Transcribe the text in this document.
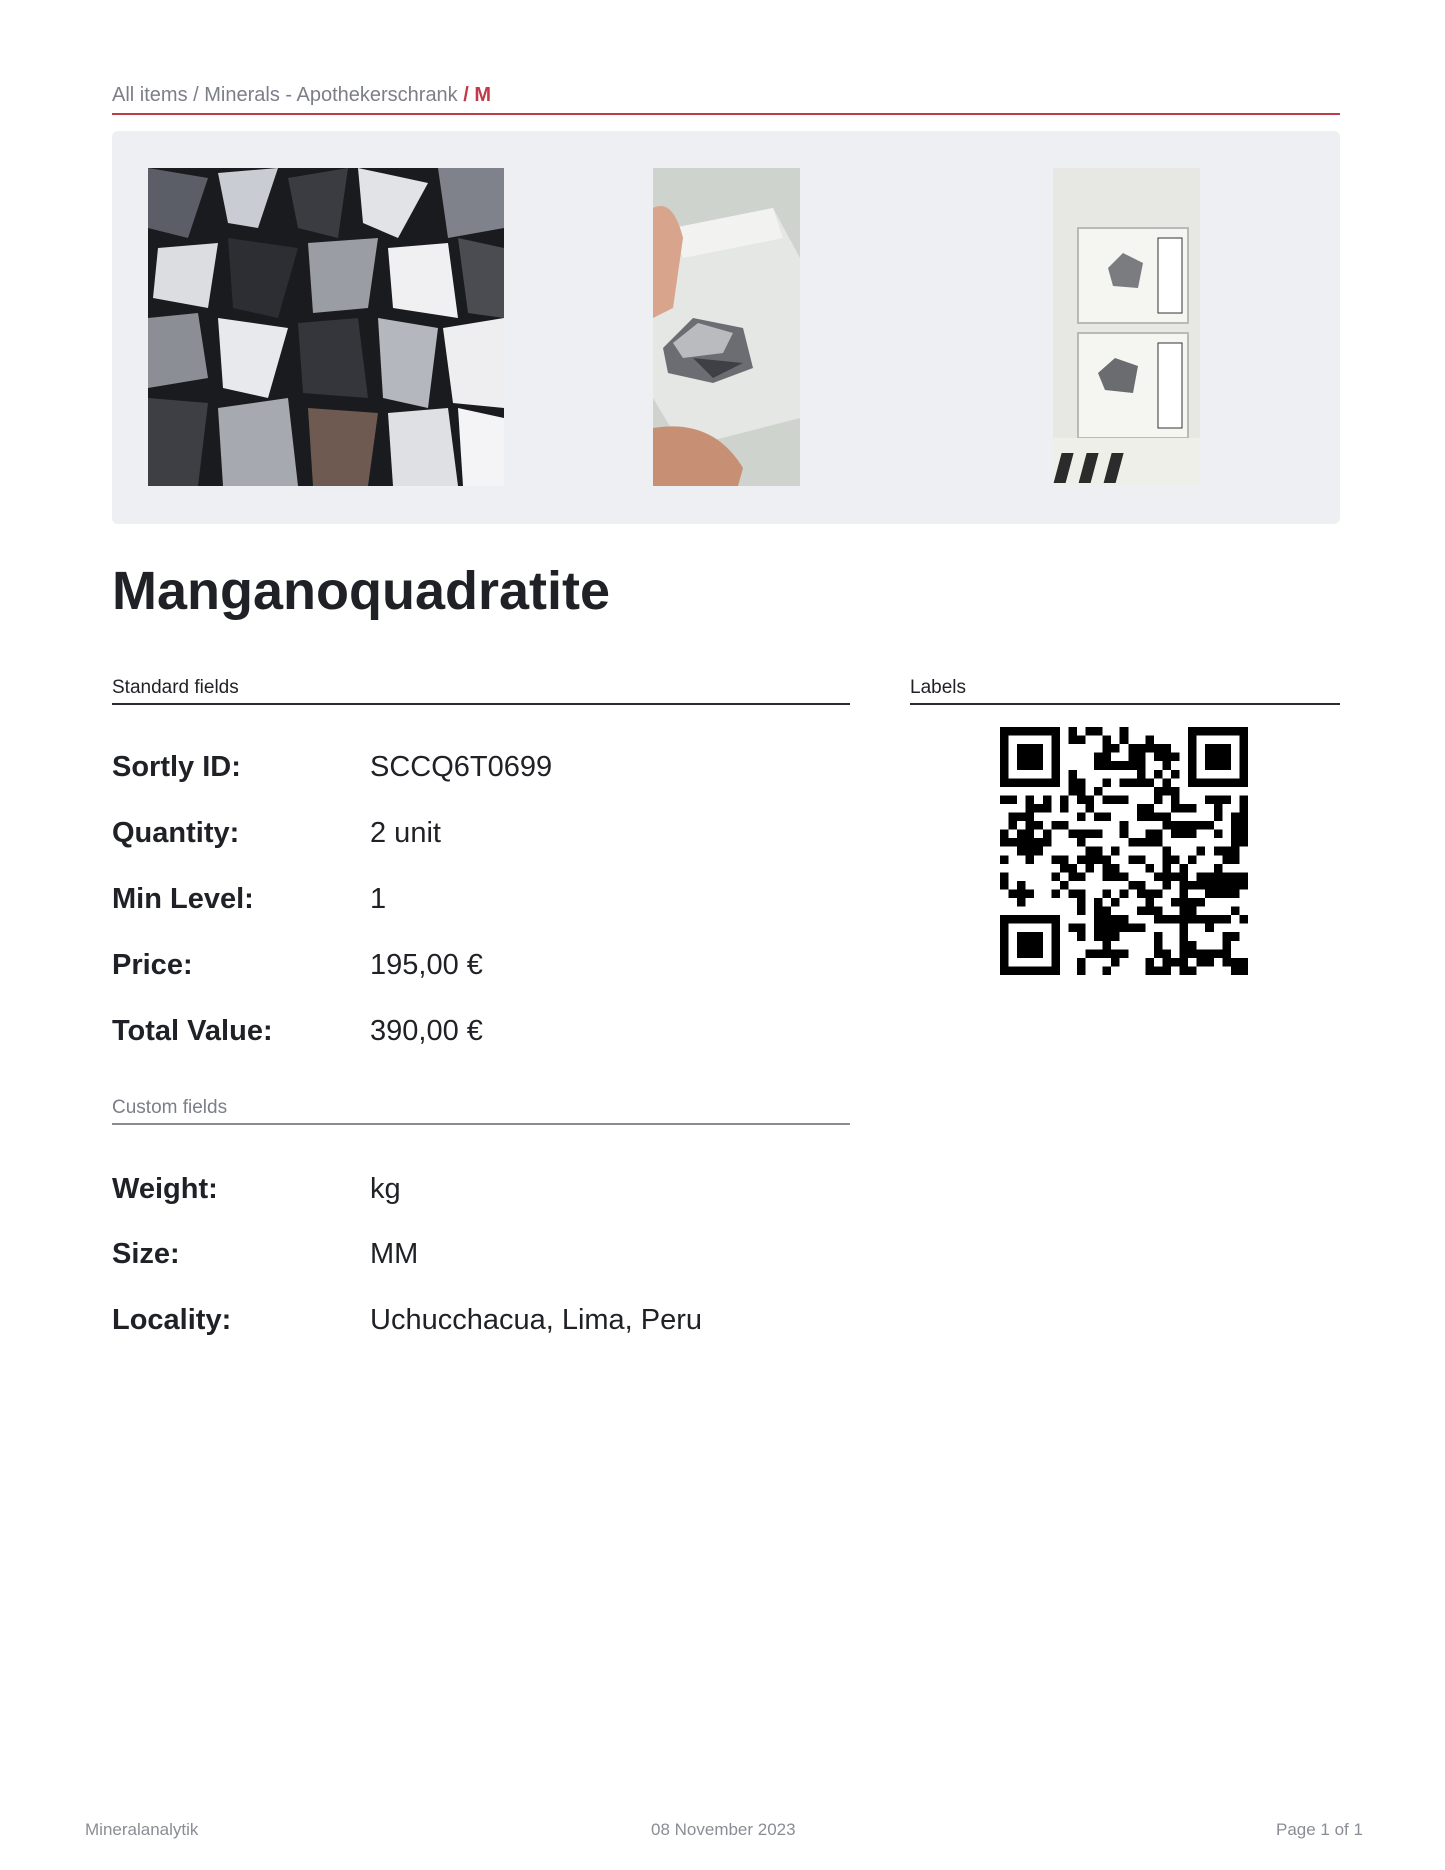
All items / Minerals - Apothekerschrank / M
Manganoquadratite
Standard fields
Sortly ID:	SCCQ6T0699
Quantity:	2 unit
Min Level:	1
Price:	195,00 €
Total Value:	390,00 €
Custom fields
Weight:	kg
Size:	MM
Locality:	Uchucchacua, Lima, Peru
Labels
Mineralanalytik	08 November 2023	Page 1 of 1
